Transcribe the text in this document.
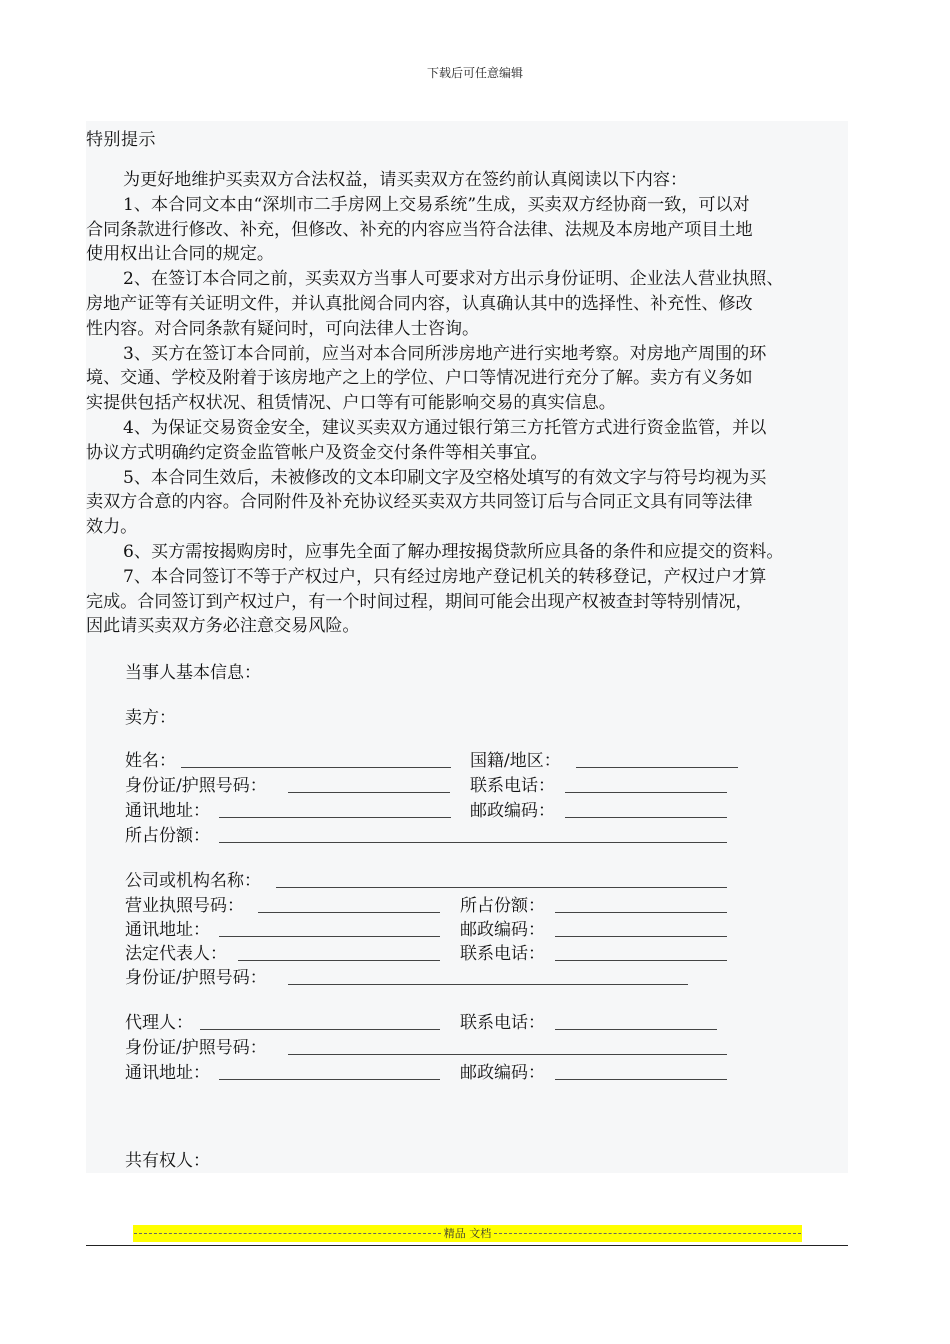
下载后可任意编辑
特别提示
为更好地维护买卖双方合法权益，请买卖双方在签约前认真阅读以下内容：
1、本合同文本由“深圳市二手房网上交易系统”生成，买卖双方经协商一致，可以对
合同条款进行修改、补充，但修改、补充的内容应当符合法律、法规及本房地产项目土地
使用权出让合同的规定。
2、在签订本合同之前，买卖双方当事人可要求对方出示身份证明、企业法人营业执照、
房地产证等有关证明文件，并认真批阅合同内容，认真确认其中的选择性、补充性、修改
性内容。对合同条款有疑问时，可向法律人士咨询。
3、买方在签订本合同前，应当对本合同所涉房地产进行实地考察。对房地产周围的环
境、交通、学校及附着于该房地产之上的学位、户口等情况进行充分了解。卖方有义务如
实提供包括产权状况、租赁情况、户口等有可能影响交易的真实信息。
4、为保证交易资金安全，建议买卖双方通过银行第三方托管方式进行资金监管，并以
协议方式明确约定资金监管帐户及资金交付条件等相关事宜。
5、本合同生效后，未被修改的文本印刷文字及空格处填写的有效文字与符号均视为买
卖双方合意的内容。合同附件及补充协议经买卖双方共同签订后与合同正文具有同等法律
效力。
6、买方需按揭购房时，应事先全面了解办理按揭贷款所应具备的条件和应提交的资料。
7、本合同签订不等于产权过户，只有经过房地产登记机关的转移登记，产权过户才算
完成。合同签订到产权过户，有一个时间过程，期间可能会出现产权被查封等特别情况，
因此请买卖双方务必注意交易风险。
当事人基本信息：
卖方：
姓名：	国籍/地区：
身份证/护照号码：	联系电话：
通讯地址：	邮政编码：
所占份额：
公司或机构名称：
营业执照号码：	所占份额：
通讯地址：	邮政编码：
法定代表人：	联系电话：
身份证/护照号码：
代理人：	联系电话：
身份证/护照号码：
通讯地址：	邮政编码：
共有权人：
精品 文档
